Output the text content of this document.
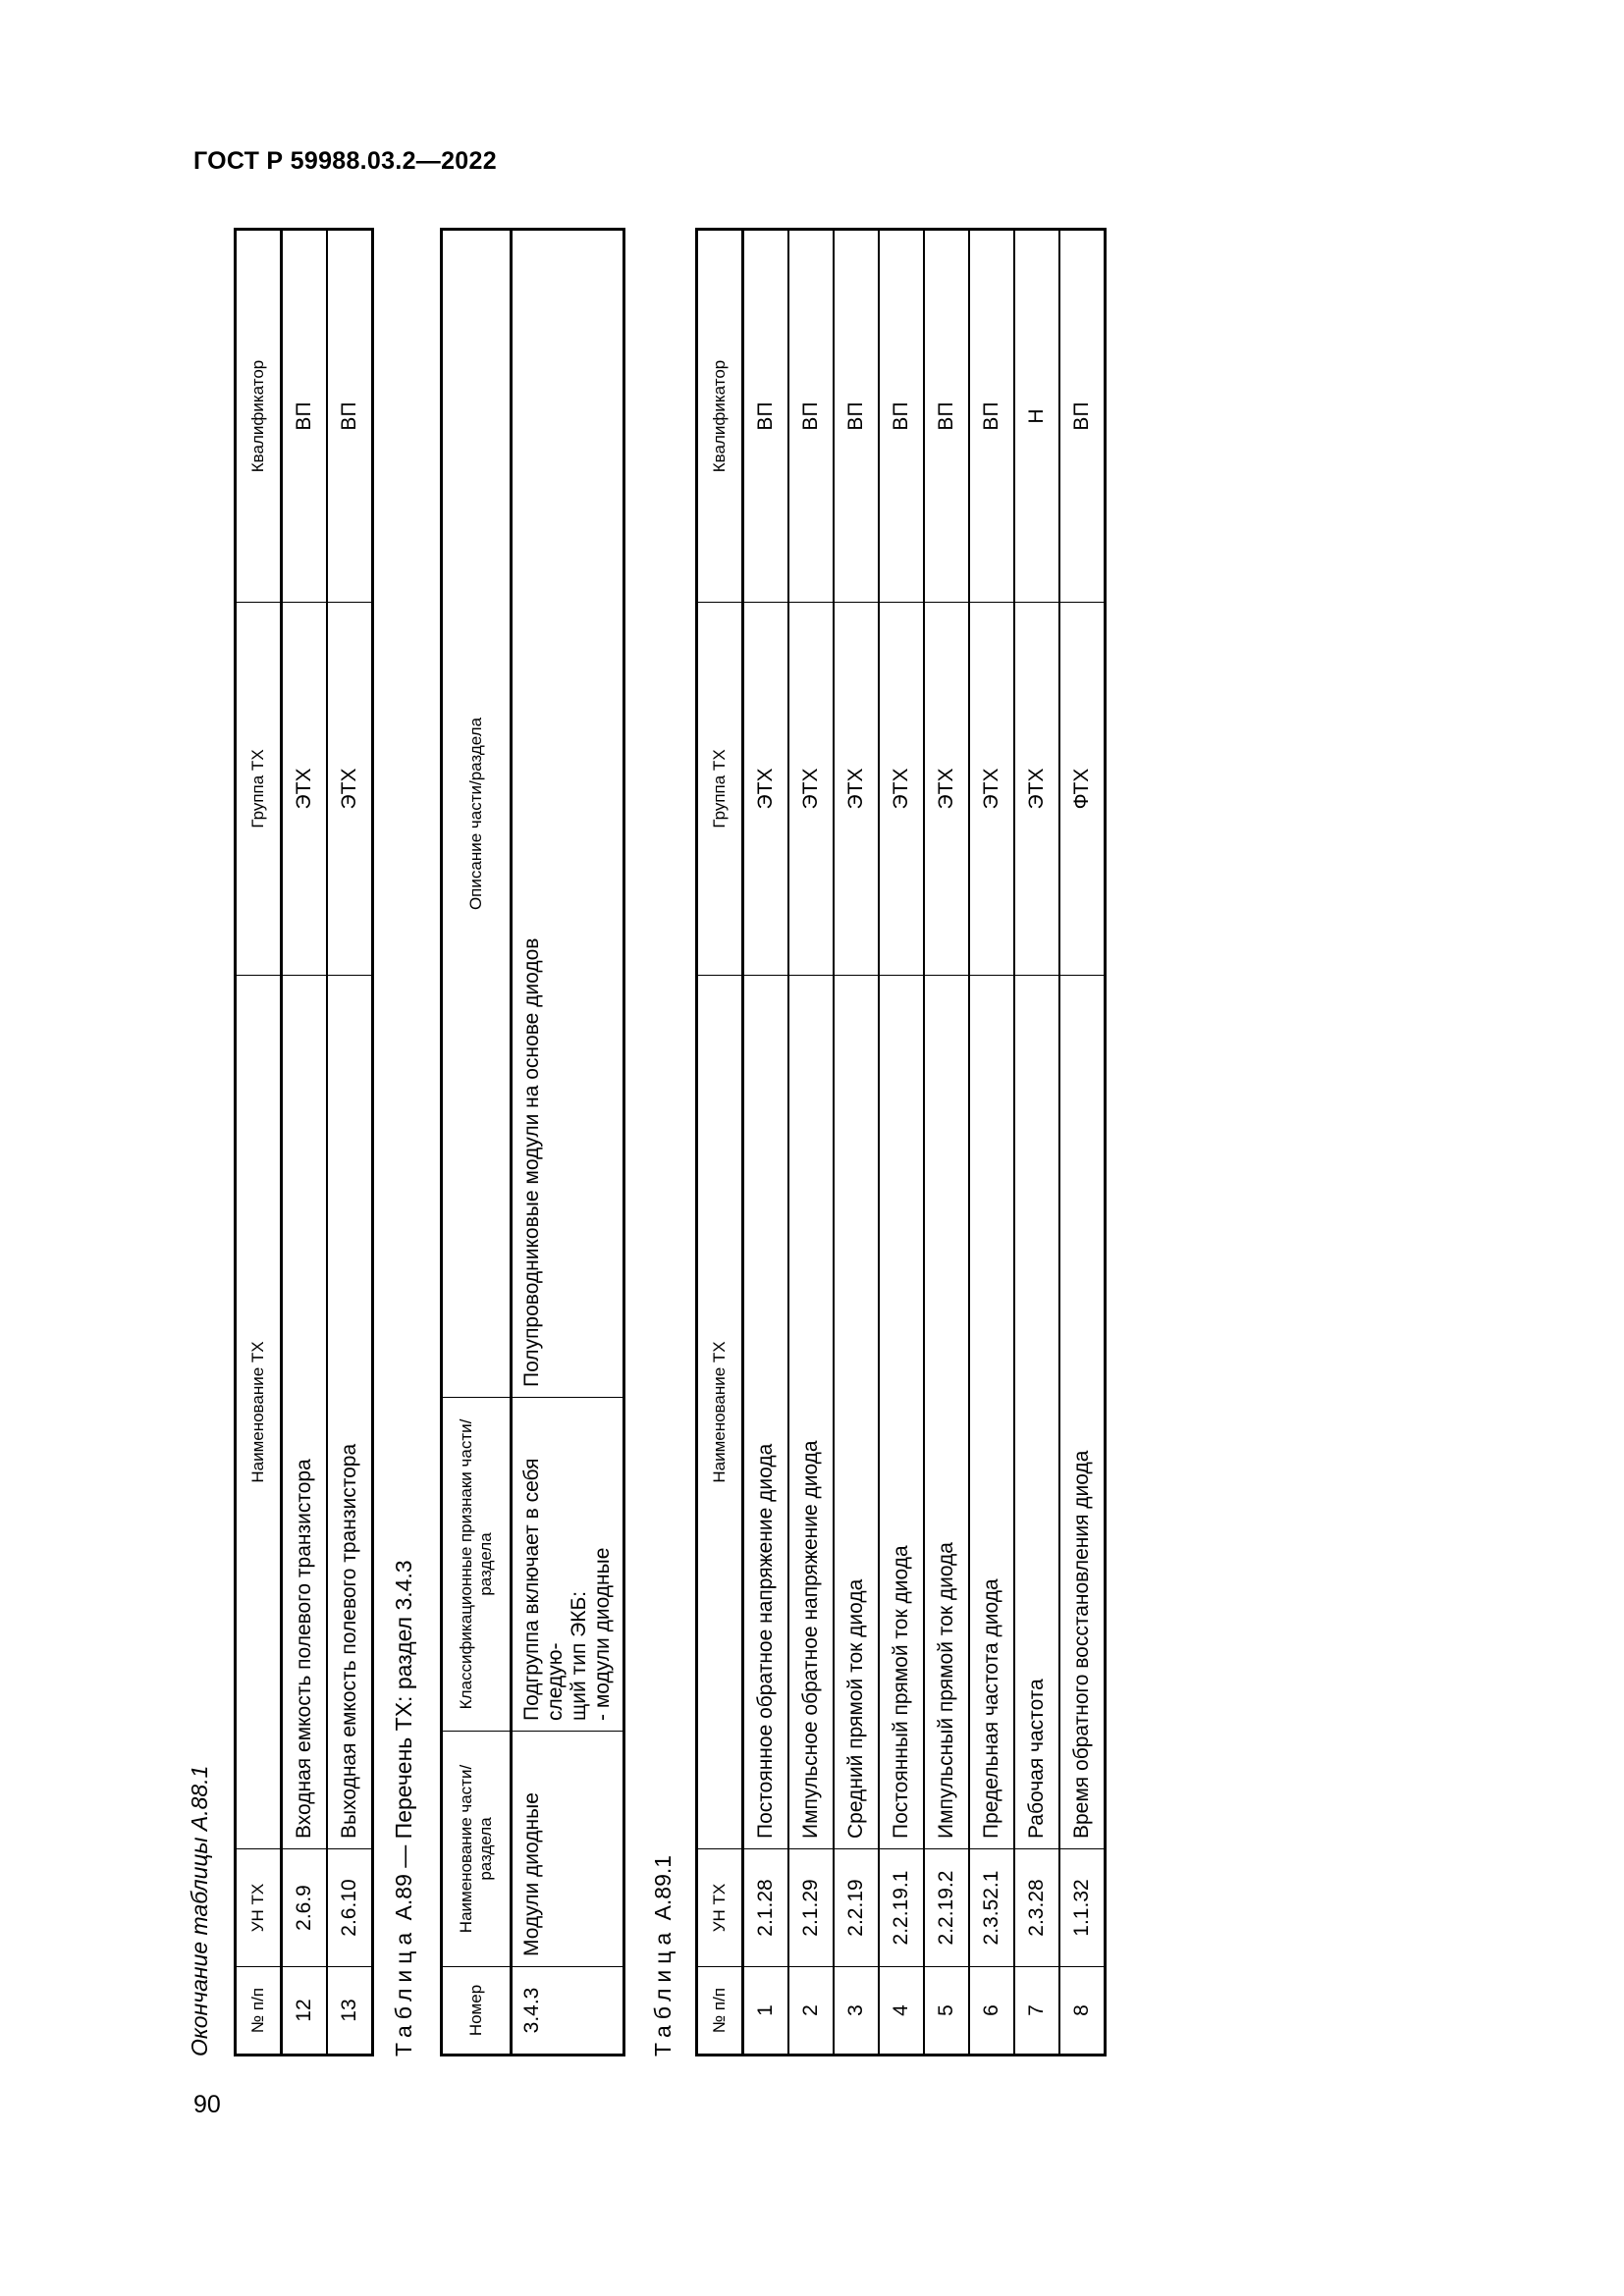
ГОСТ Р 59988.03.2—2022
Окончание таблицы А.88.1 № п/п	УН ТХ	Наименование ТХ	Группа ТХ	Квалификатор
12	2.6.9	Входная емкость полевого транзистора	ЭТХ	ВП
13	2.6.10	Выходная емкость полевого транзистора	ЭТХ	ВП
Таблица А.89 — Перечень ТХ: раздел 3.4.3
Номер	Наименование части/ раздела	Классификационные признаки части/ раздела	Описание части/раздела
3.4.3	Модули диодные	Подгруппа включает в себя следую- щий тип ЭКБ: - модули диодные	Полупроводниковые модули на основе диодов
Таблица А.89.1
№ п/п	УН ТХ	Наименование ТХ	Группа ТХ	Квалификатор
1	2.1.28	Постоянное обратное напряжение диода	ЭТХ	ВП
2	2.1.29	Импульсное обратное напряжение диода	ЭТХ	ВП
3	2.2.19	Средний прямой ток диода	ЭТХ	ВП
4	2.2.19.1	Постоянный прямой ток диода	ЭТХ	ВП
5	2.2.19.2	Импульсный прямой ток диода	ЭТХ	ВП
6	2.3.52.1	Предельная частота диода	ЭТХ	ВП
7	2.3.28	Рабочая частота	ЭТХ	Н
8	1.1.32	Время обратного восстановления диода	ФТХ	ВП
90
